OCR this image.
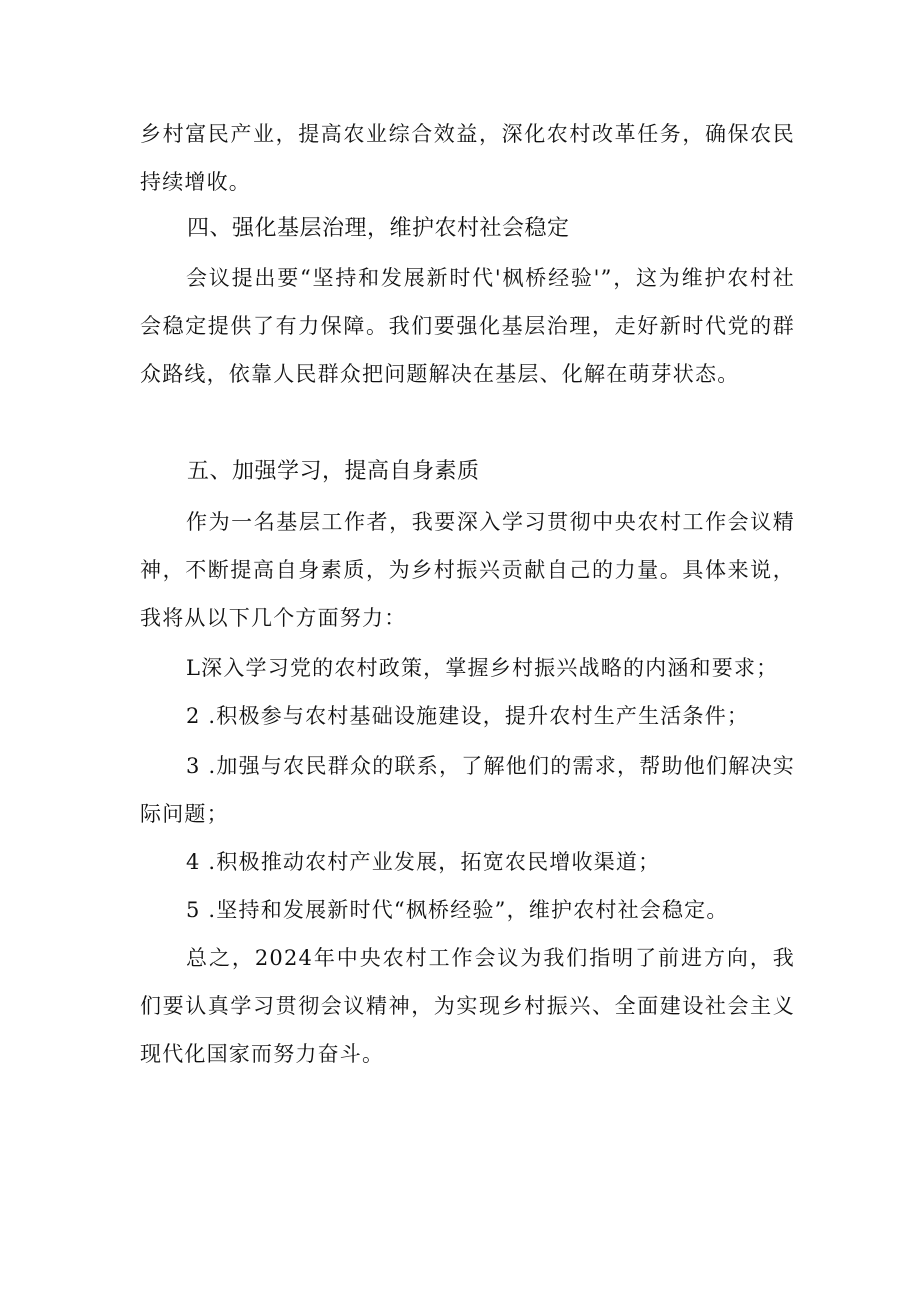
乡村富民产业，提高农业综合效益，深化农村改革任务，确保农民持续增收。

四、强化基层治理，维护农村社会稳定

会议提出要“坚持和发展新时代'枫桥经验'”，这为维护农村社会稳定提供了有力保障。我们要强化基层治理，走好新时代党的群众路线，依靠人民群众把问题解决在基层、化解在萌芽状态。

五、加强学习，提高自身素质

作为一名基层工作者，我要深入学习贯彻中央农村工作会议精神，不断提高自身素质，为乡村振兴贡献自己的力量。具体来说，我将从以下几个方面努力：

L深入学习党的农村政策，掌握乡村振兴战略的内涵和要求；

2 .积极参与农村基础设施建设，提升农村生产生活条件；

3 .加强与农民群众的联系，了解他们的需求，帮助他们解决实际问题；

4 .积极推动农村产业发展，拓宽农民增收渠道；

5 .坚持和发展新时代“枫桥经验”，维护农村社会稳定。

总之，2024年中央农村工作会议为我们指明了前进方向，我们要认真学习贯彻会议精神，为实现乡村振兴、全面建设社会主义现代化国家而努力奋斗。
